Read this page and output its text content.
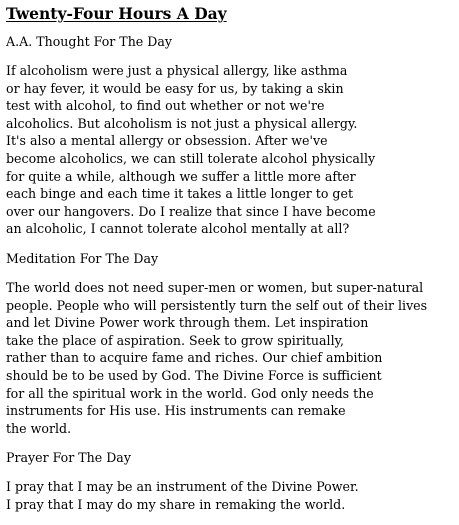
Twenty-Four Hours A Day
A.A. Thought For The Day
If alcoholism were just a physical allergy, like asthma
or hay fever, it would be easy for us, by taking a skin
test with alcohol, to find out whether or not we're
alcoholics. But alcoholism is not just a physical allergy.
It's also a mental allergy or obsession. After we've
become alcoholics, we can still tolerate alcohol physically
for quite a while, although we suffer a little more after
each binge and each time it takes a little longer to get
over our hangovers. Do I realize that since I have become
an alcoholic, I cannot tolerate alcohol mentally at all?
Meditation For The Day
The world does not need super-men or women, but super-natural
people. People who will persistently turn the self out of their lives
and let Divine Power work through them. Let inspiration
take the place of aspiration. Seek to grow spiritually,
rather than to acquire fame and riches. Our chief ambition
should be to be used by God. The Divine Force is sufficient
for all the spiritual work in the world. God only needs the
instruments for His use. His instruments can remake
the world.
Prayer For The Day
I pray that I may be an instrument of the Divine Power.
I pray that I may do my share in remaking the world.
